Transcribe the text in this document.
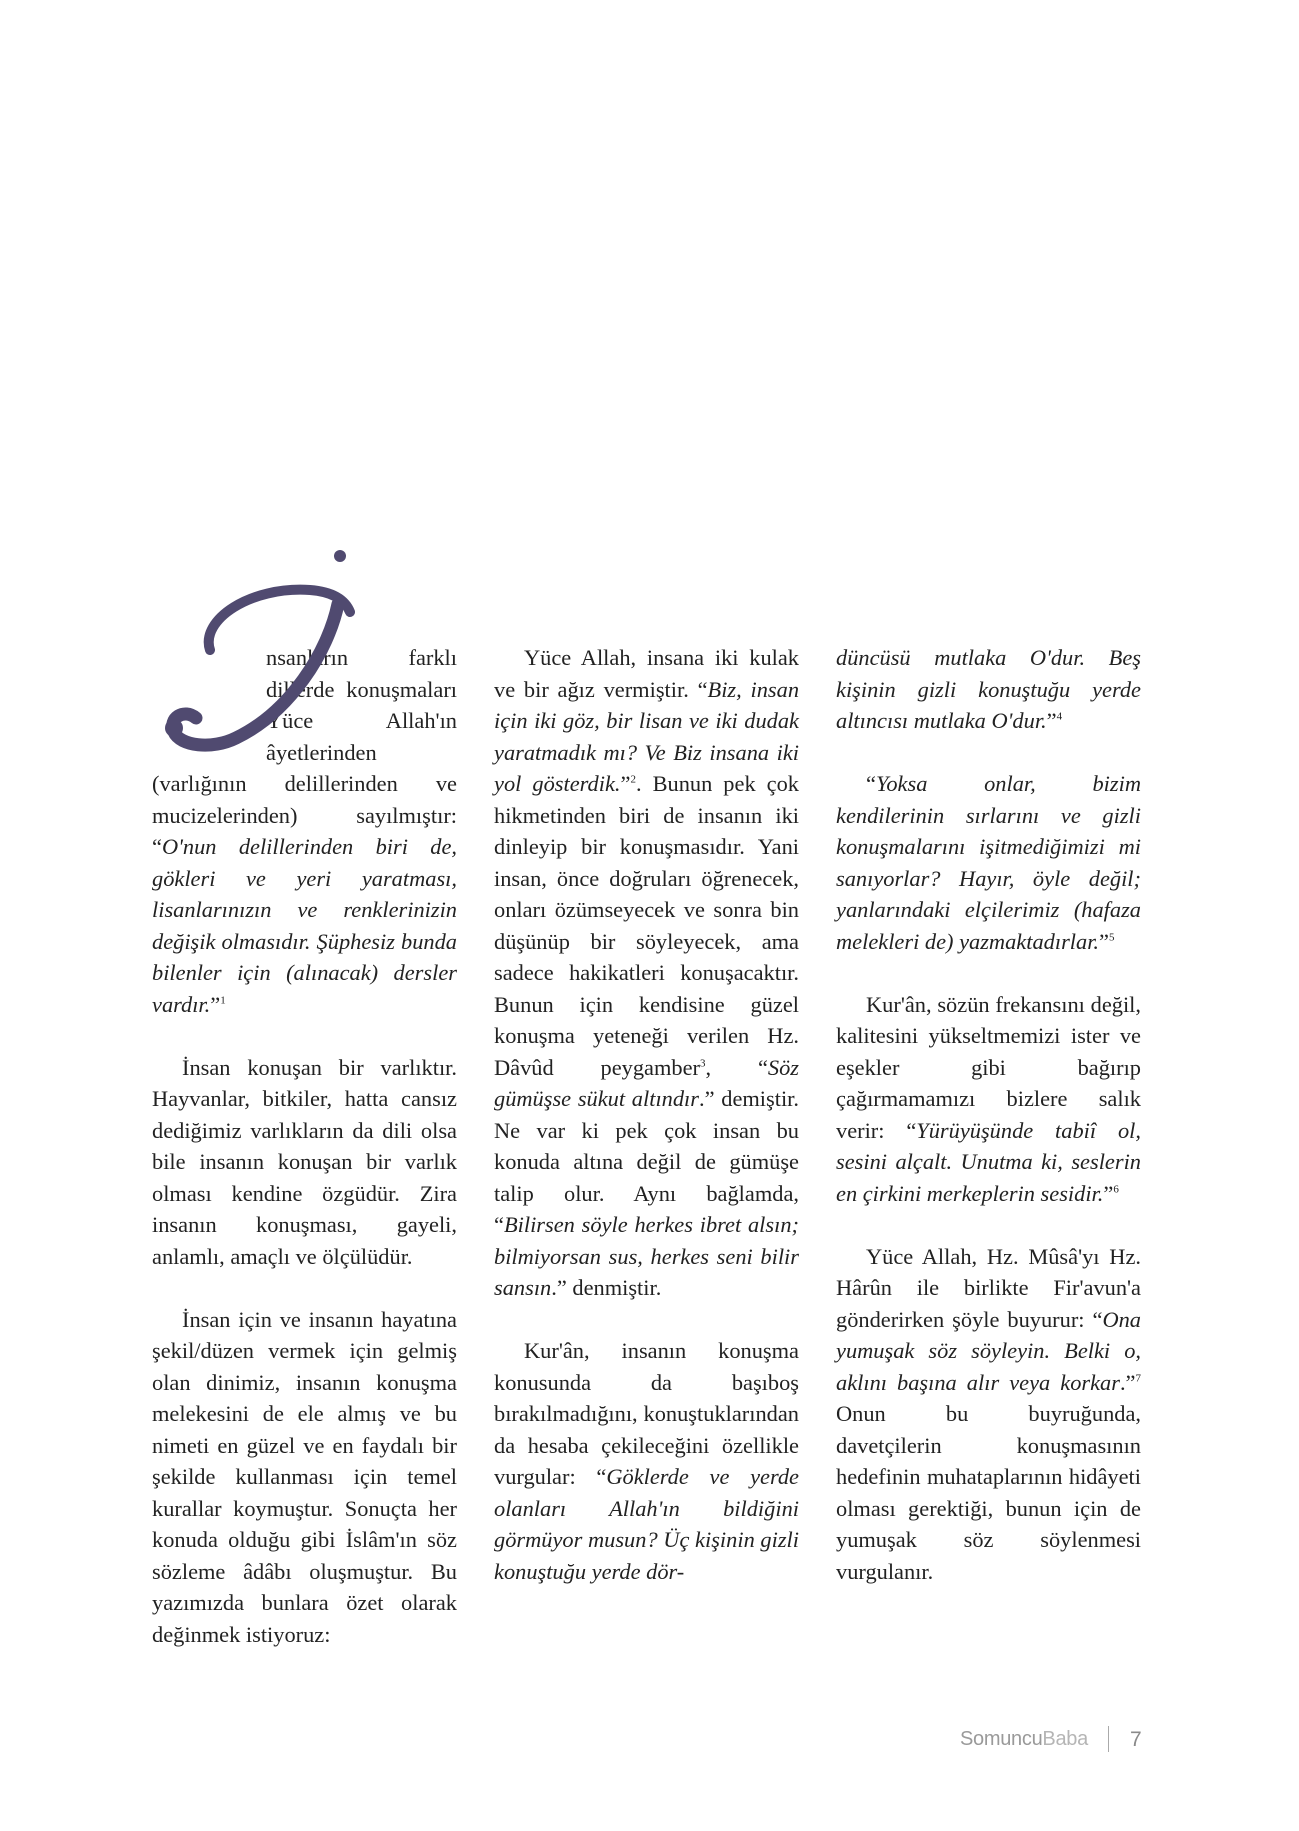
nsanların farklı dillerde konuşmaları Yüce Allah'ın âyetlerinden (varlığının delillerinden ve mucizelerinden) sayılmıştır: “O'nun delillerinden biri de, gökleri ve yeri yaratması, lisanlarınızın ve renklerinizin değişik olmasıdır. Şüphesiz bunda bilenler için (alınacak) dersler vardır.”$^1$

İnsan konuşan bir varlıktır. Hayvanlar, bitkiler, hatta cansız dediğimiz varlıkların da dili olsa bile insanın konuşan bir varlık olması kendine özgüdür. Zira insanın konuşması, gayeli, anlamlı, amaçlı ve ölçülüdür.

İnsan için ve insanın hayatına şekil/düzen vermek için gelmiş olan dinimiz, insanın konuşma melekesini de ele almış ve bu nimeti en güzel ve en faydalı bir şekilde kullanması için temel kurallar koymuştur. Sonuçta her konuda olduğu gibi İslâm'ın söz sözleme âdâbı oluşmuştur. Bu yazımızda bunlara özet olarak değinmek istiyoruz:

Yüce Allah, insana iki kulak ve bir ağız vermiştir. “Biz, insan için iki göz, bir lisan ve iki dudak yaratmadık mı? Ve Biz insana iki yol gösterdik.”$^2$. Bunun pek çok hikmetinden biri de insanın iki dinleyip bir konuşmasıdır. Yani insan, önce doğruları öğrenecek, onları özümseyecek ve sonra bin düşünüp bir söyleyecek, ama sadece hakikatleri konuşacaktır. Bunun için kendisine güzel konuşma yeteneği verilen Hz. Dâvûd peygamber$^3$, “Söz gümüşse sükut altındır.” demiştir. Ne var ki pek çok insan bu konuda altına değil de gümüşe talip olur. Aynı bağlamda, “Bilirsen söyle herkes ibret alsın; bilmiyorsan sus, herkes seni bilir sansın.” denmiştir.

Kur'ân, insanın konuşma konusunda da başıboş bırakılmadığını, konuştuklarından da hesaba çekileceğini özellikle vurgular: “Göklerde ve yerde olanları Allah'ın bildiğini görmüyor musun? Üç kişinin gizli konuştuğu yerde dör-

düncüsü mutlaka O'dur. Beş kişinin gizli konuştuğu yerde altıncısı mutlaka O'dur.”$^4$

“Yoksa onlar, bizim kendilerinin sırlarını ve gizli konuşmalarını işitmediğimizi mi sanıyorlar? Hayır, öyle değil; yanlarındaki elçilerimiz (hafaza melekleri de) yazmaktadırlar.”$^5$

Kur'ân, sözün frekansını değil, kalitesini yükseltmemizi ister ve eşekler gibi bağırıp çağırmamamızı bizlere salık verir: “Yürüyüşünde tabiî ol, sesini alçalt. Unutma ki, seslerin en çirkini merkeplerin sesidir.”$^6$

Yüce Allah, Hz. Mûsâ'yı Hz. Hârûn ile birlikte Fir'avun'a gönderirken şöyle buyurur: “Ona yumuşak söz söyleyin. Belki o, aklını başına alır veya korkar.”$^7$ Onun bu buyruğunda, davetçilerin konuşmasının hedefinin muhataplarının hidâyeti olması gerektiği, bunun için de yumuşak söz söylenmesi vurgulanır.

SomuncuBaba 7
